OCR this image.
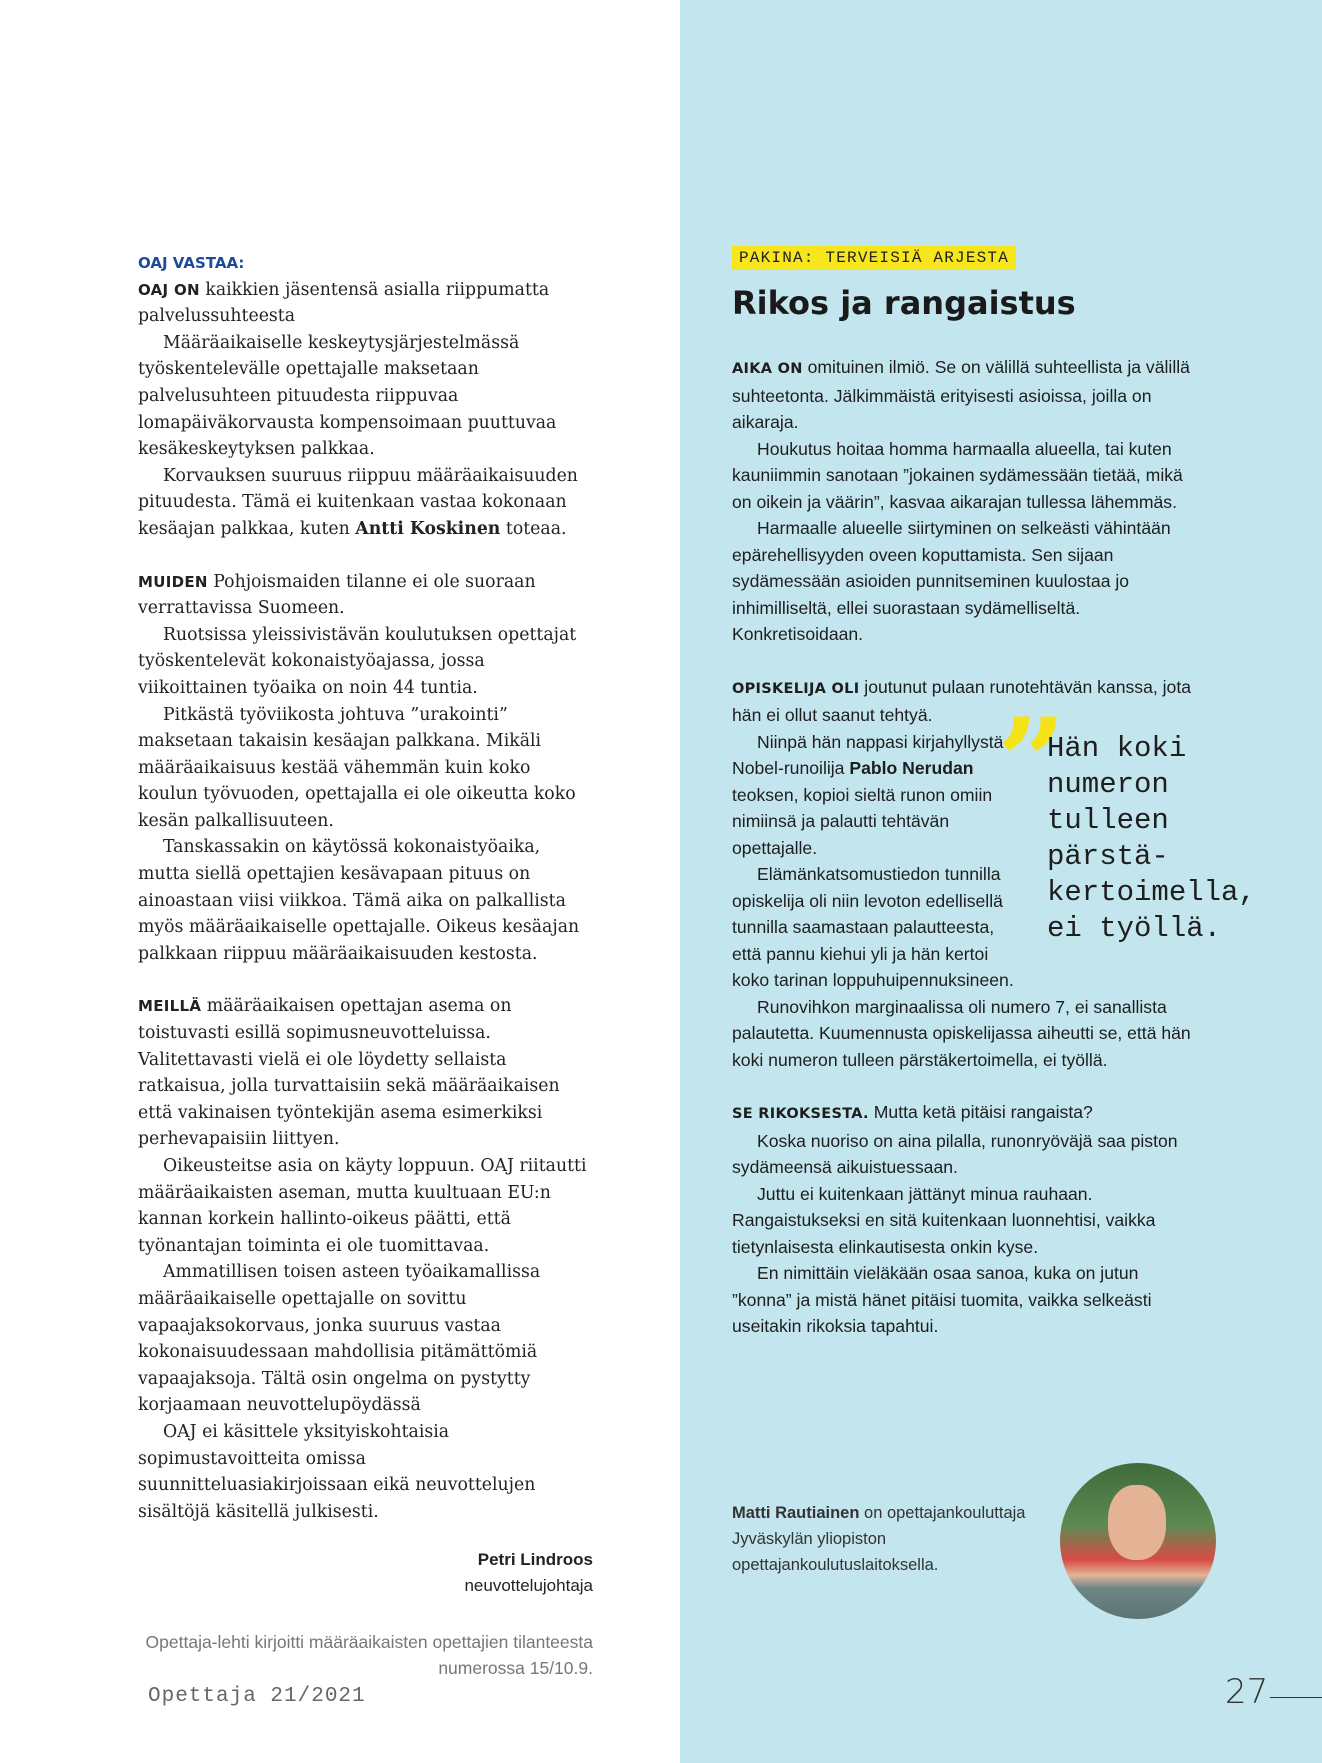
OAJ VASTAA:

OAJ ON kaikkien jäsentensä asialla riippumatta palvelussuhteesta

Määräaikaiselle keskeytysjärjestelmässä työskentelevälle opettajalle maksetaan palvelusuhteen pituudesta riippuvaa lomapäiväkorvausta kompensoimaan puuttuvaa kesäkeskeytyksen palkkaa.

Korvauksen suuruus riippuu määräaikaisuuden pituudesta. Tämä ei kuitenkaan vastaa kokonaan kesäajan palkkaa, kuten Antti Koskinen toteaa.

MUIDEN Pohjoismaiden tilanne ei ole suoraan verrattavissa Suomeen.

Ruotsissa yleissivistävän koulutuksen opettajat työskentelevät kokonaistyöajassa, jossa viikoittainen työaika on noin 44 tuntia.

Pitkästä työviikosta johtuva ”urakointi” maksetaan takaisin kesäajan palkkana. Mikäli määräaikaisuus kestää vähemmän kuin koko koulun työvuoden, opettajalla ei ole oikeutta koko kesän palkallisuuteen.

Tanskassakin on käytössä kokonaistyöaika, mutta siellä opettajien kesävapaan pituus on ainoastaan viisi viikkoa. Tämä aika on palkallista myös määräaikaiselle opettajalle. Oikeus kesäajan palkkaan riippuu määräaikaisuuden kestosta.

MEILLÄ määräaikaisen opettajan asema on toistuvasti esillä sopimusneuvotteluissa. Valitettavasti vielä ei ole löydetty sellaista ratkaisua, jolla turvattaisiin sekä määräaikaisen että vakinaisen työntekijän asema esimerkiksi perhevapaisiin liittyen.

Oikeusteitse asia on käyty loppuun. OAJ riitautti määräaikaisten aseman, mutta kuultuaan EU:n kannan korkein hallinto-oikeus päätti, että työnantajan toiminta ei ole tuomittavaa.

Ammatillisen toisen asteen työaikamallissa määräaikaiselle opettajalle on sovittu vapaajaksokorvaus, jonka suuruus vastaa kokonaisuudessaan mahdollisia pitämättömiä vapaajaksoja. Tältä osin ongelma on pystytty korjaamaan neuvottelupöydässä

OAJ ei käsittele yksityiskohtaisia sopimustavoitteita omissa suunnitteluasiakirjoissaan eikä neuvottelujen sisältöjä käsitellä julkisesti.

Petri Lindroos
neuvottelujohtaja
Opettaja-lehti kirjoitti määräaikaisten opettajien tilanteesta numerossa 15/10.9.
Opettaja 21/2021
PAKINA: TERVEISIÄ ARJESTA
Rikos ja rangaistus

AIKA ON omituinen ilmiö. Se on välillä suhteellista ja välillä suhteetonta. Jälkimmäistä erityisesti asioissa, joilla on aikaraja.

Houkutus hoitaa homma harmaalla alueella, tai kuten kauniimmin sanotaan ”jokainen sydämessään tietää, mikä on oikein ja väärin”, kasvaa aikarajan tullessa lähemmäs.

Harmaalle alueelle siirtyminen on selkeästi vähintään epärehellisyyden oveen koputtamista. Sen sijaan sydämessään asioiden punnitseminen kuulostaa jo inhimilliseltä, ellei suorastaan sydämelliseltä. Konkretisoidaan.

OPISKELIJA OLI joutunut pulaan runotehtävän kanssa, jota hän ei ollut saanut tehtyä. ”
Hän koki numeron tulleen pärstä-kertoimella, ei työllä.

Niinpä hän nappasi kirjahyllystä Nobel-runoilija Pablo Nerudan teoksen, kopioi sieltä runon omiin nimiinsä ja palautti tehtävän opettajalle.

Elämänkatsomustiedon tunnilla opiskelija oli niin levoton edellisellä tunnilla saamastaan palautteesta, että pannu kiehui yli ja hän kertoi koko tarinan loppuhuipennuksineen.

Runovihkon marginaalissa oli numero 7, ei sanallista palautetta. Kuumennusta opiskelijassa aiheutti se, että hän koki numeron tulleen pärstäkertoimella, ei työllä.

SE RIKOKSESTA. Mutta ketä pitäisi rangaista?

Koska nuoriso on aina pilalla, runonryöväjä saa piston sydämeensä aikuistuessaan.

Juttu ei kuitenkaan jättänyt minua rauhaan. Rangaistukseksi en sitä kuitenkaan luonnehtisi, vaikka tietynlaisesta elinkautisesta onkin kyse.

En nimittäin vieläkään osaa sanoa, kuka on jutun ”konna” ja mistä hänet pitäisi tuomita, vaikka selkeästi useitakin rikoksia tapahtui.

Matti Rautiainen on opettajankouluttaja Jyväskylän yliopiston opettajankoulutuslaitoksella.
27
